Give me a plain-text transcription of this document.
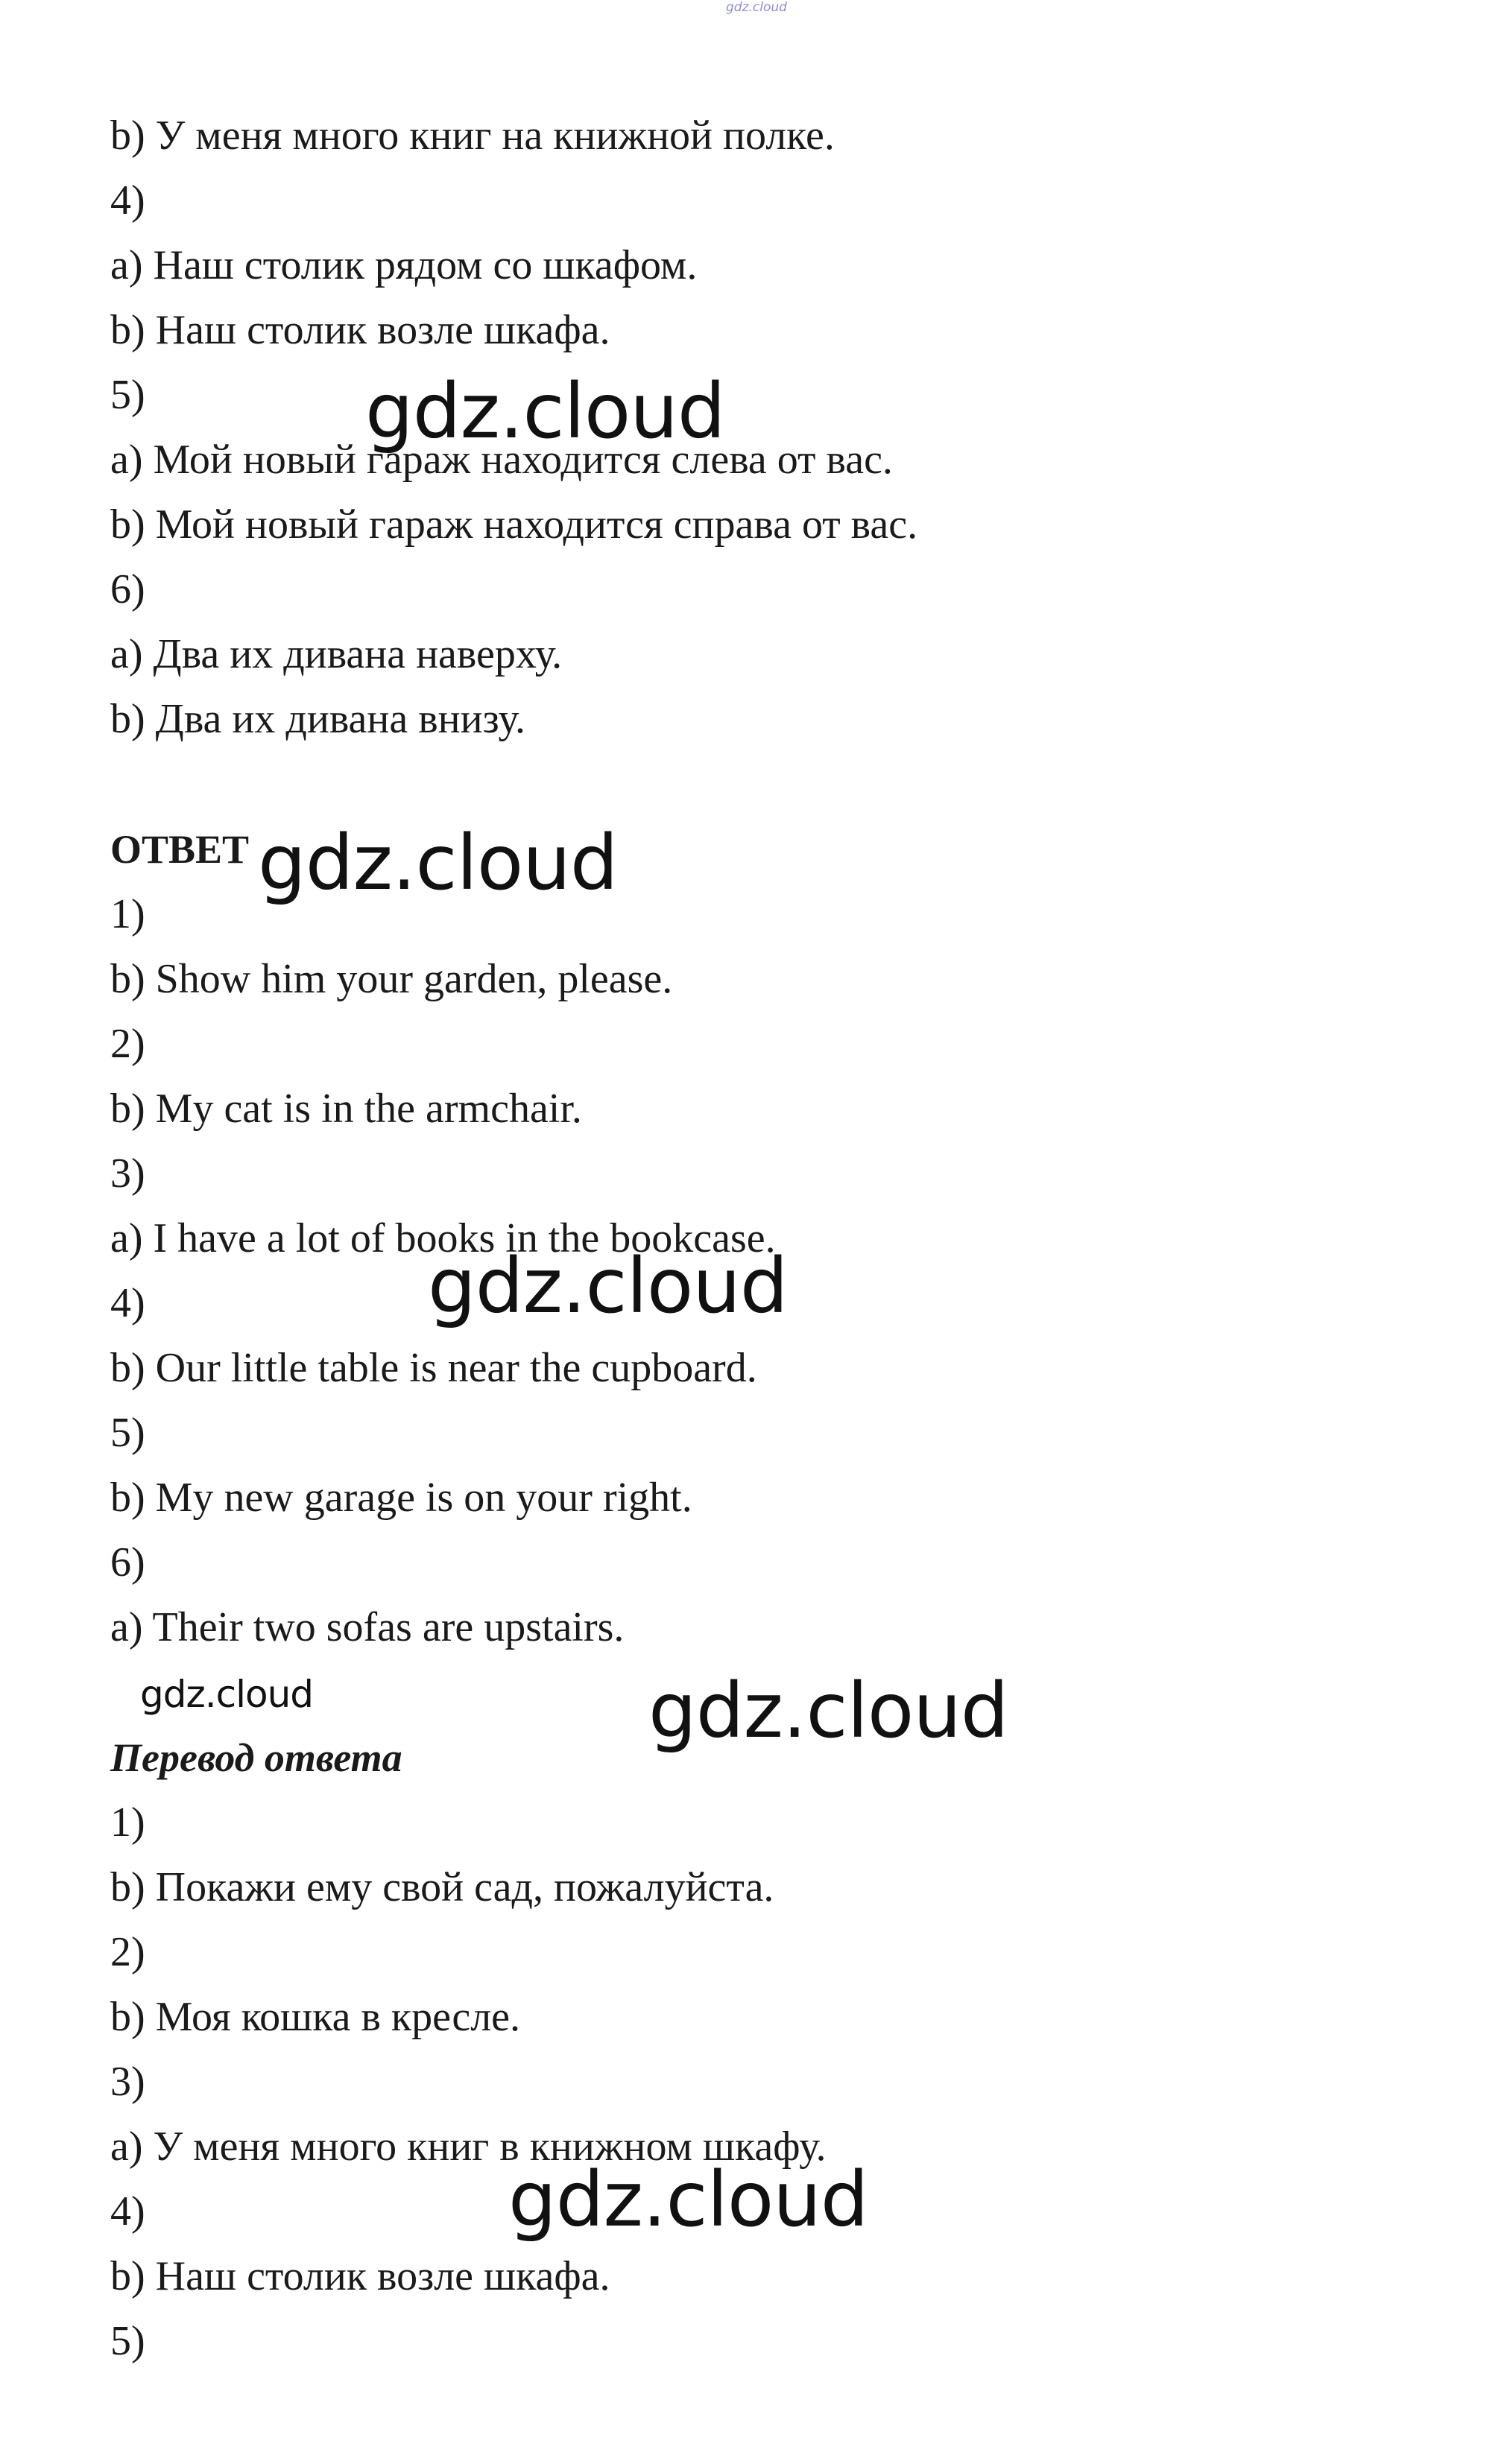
gdz.cloud
b) У меня много книг на книжной полке.
4)
a) Наш столик рядом со шкафом.
b) Наш столик возле шкафа.
5)
a) Мой новый гараж находится слева от вас.
b) Мой новый гараж находится справа от вас.
6)
a) Два их дивана наверху.
b) Два их дивана внизу.
ОТВЕТ
1)
b) Show him your garden, please.
2)
b) My cat is in the armchair.
3)
a) I have a lot of books in the bookcase.
4)
b) Our little table is near the cupboard.
5)
b) My new garage is on your right.
6)
a) Their two sofas are upstairs.
Перевод ответа
1)
b) Покажи ему свой сад, пожалуйста.
2)
b) Моя кошка в кресле.
3)
a) У меня много книг в книжном шкафу.
4)
b) Наш столик возле шкафа.
5)
gdz.cloud
gdz.cloud
gdz.cloud
gdz.cloud	gdz.cloud
gdz.cloud
